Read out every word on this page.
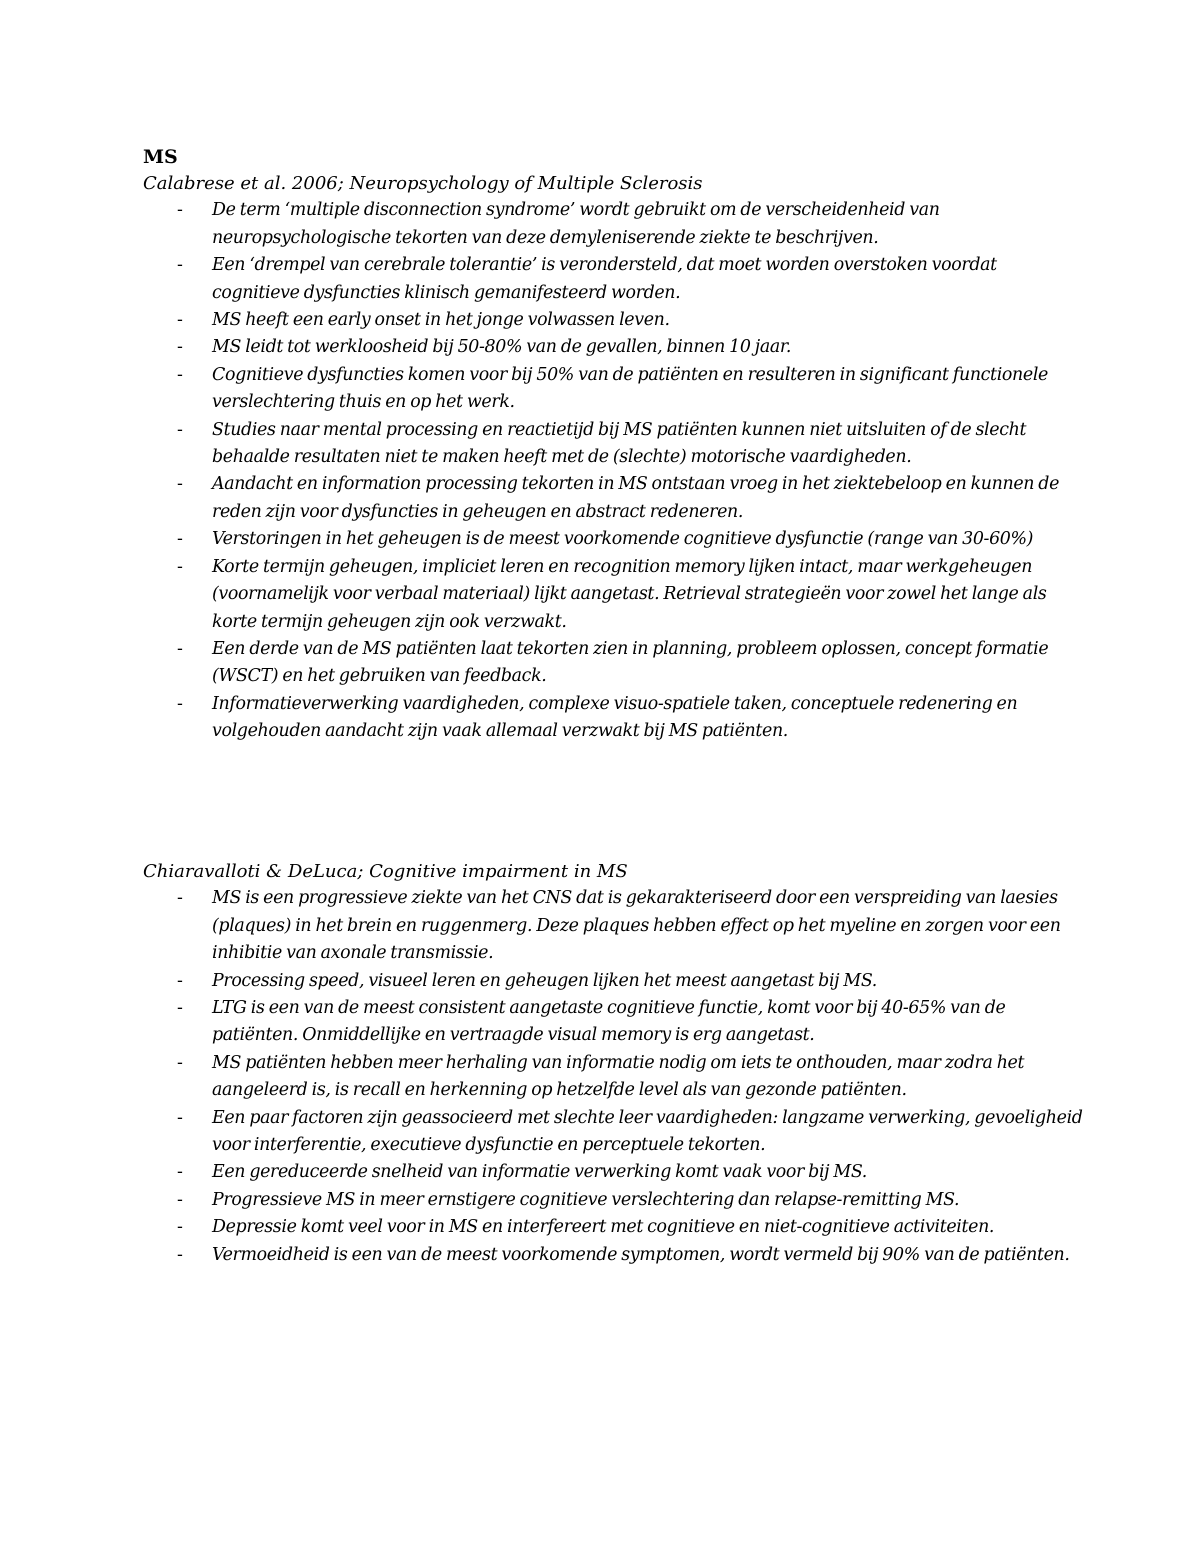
MS

Calabrese et al. 2006; Neuropsychology of Multiple Sclerosis

- De term ‘multiple disconnection syndrome’ wordt gebruikt om de verscheidenheid van neuropsychologische tekorten van deze demyleniserende ziekte te beschrijven.
- Een ‘drempel van cerebrale tolerantie’ is verondersteld, dat moet worden overstoken voordat cognitieve dysfuncties klinisch gemanifesteerd worden.
- MS heeft een early onset in het jonge volwassen leven.
- MS leidt tot werkloosheid bij 50-80% van de gevallen, binnen 10 jaar.
- Cognitieve dysfuncties komen voor bij 50% van de patiënten en resulteren in significant functionele verslechtering thuis en op het werk.
- Studies naar mental processing en reactietijd bij MS patiënten kunnen niet uitsluiten of de slecht behaalde resultaten niet te maken heeft met de (slechte) motorische vaardigheden.
- Aandacht en information processing tekorten in MS ontstaan vroeg in het ziektebeloop en kunnen de reden zijn voor dysfuncties in geheugen en abstract redeneren.
- Verstoringen in het geheugen is de meest voorkomende cognitieve dysfunctie (range van 30-60%)
- Korte termijn geheugen, impliciet leren en recognition memory lijken intact, maar werkgeheugen (voornamelijk voor verbaal materiaal) lijkt aangetast. Retrieval strategieën voor zowel het lange als korte termijn geheugen zijn ook verzwakt.
- Een derde van de MS patiënten laat tekorten zien in planning, probleem oplossen, concept formatie (WSCT) en het gebruiken van feedback.
- Informatieverwerking vaardigheden, complexe visuo-spatiele taken, conceptuele redenering en volgehouden aandacht zijn vaak allemaal verzwakt bij MS patiënten.

Chiaravalloti & DeLuca; Cognitive impairment in MS

- MS is een progressieve ziekte van het CNS dat is gekarakteriseerd door een verspreiding van laesies (plaques) in het brein en ruggenmerg. Deze plaques hebben effect op het myeline en zorgen voor een inhibitie van axonale transmissie.
- Processing speed, visueel leren en geheugen lijken het meest aangetast bij MS.
- LTG is een van de meest consistent aangetaste cognitieve functie, komt voor bij 40-65% van de patiënten. Onmiddellijke en vertraagde visual memory is erg aangetast.
- MS patiënten hebben meer herhaling van informatie nodig om iets te onthouden, maar zodra het aangeleerd is, is recall en herkenning op hetzelfde level als van gezonde patiënten.
- Een paar factoren zijn geassocieerd met slechte leer vaardigheden: langzame verwerking, gevoeligheid voor interferentie, executieve dysfunctie en perceptuele tekorten.
- Een gereduceerde snelheid van informatie verwerking komt vaak voor bij MS.
- Progressieve MS in meer ernstigere cognitieve verslechtering dan relapse-remitting MS.
- Depressie komt veel voor in MS en interfereert met cognitieve en niet-cognitieve activiteiten.
- Vermoeidheid is een van de meest voorkomende symptomen, wordt vermeld bij 90% van de patiënten.
